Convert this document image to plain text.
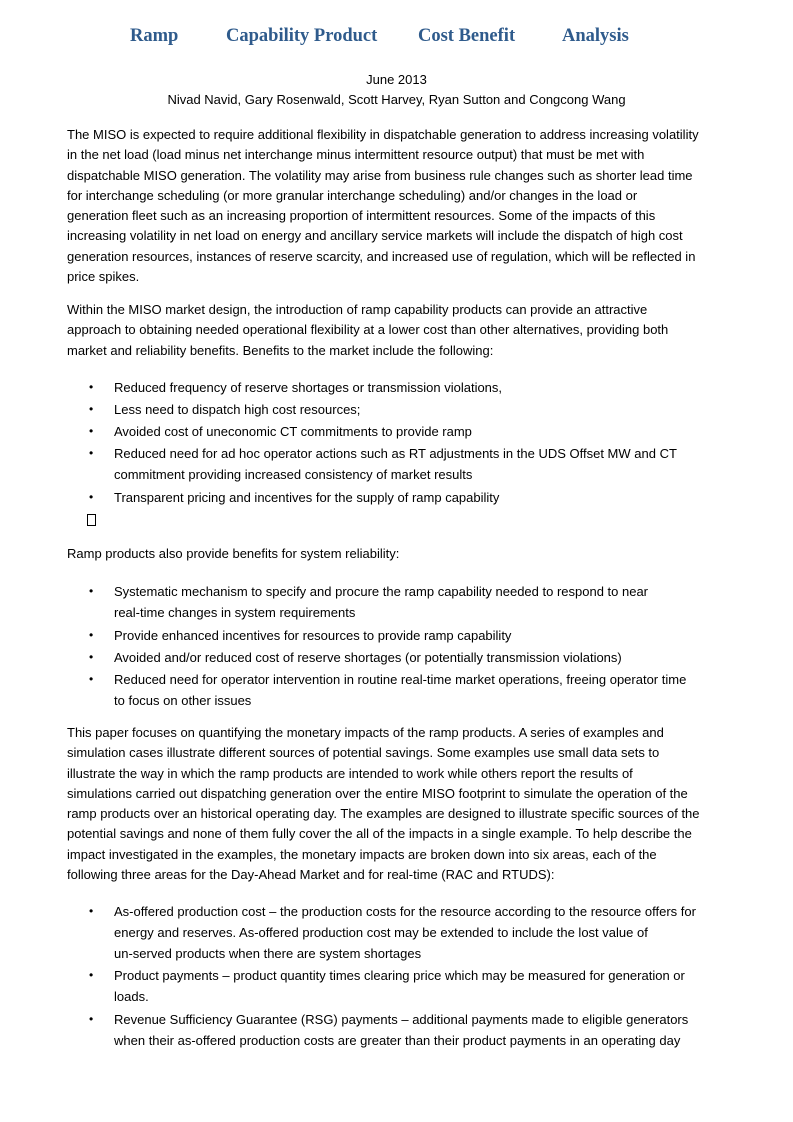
Ramp	Capability Product Cost Benefit	Analysis
June 2013
Nivad Navid, Gary Rosenwald, Scott Harvey, Ryan Sutton and Congcong Wang
The MISO is expected to require additional flexibility in dispatchable generation to address increasing volatility
in the net load (load minus net interchange minus intermittent resource output) that must be met with
dispatchable MISO generation. The volatility may arise from business rule changes such as shorter lead time
for interchange scheduling (or more granular interchange scheduling) and/or changes in the load or
generation fleet such as an increasing proportion of intermittent resources. Some of the impacts of this
increasing volatility in net load on energy and ancillary service markets will include the dispatch of high cost
generation resources, instances of reserve scarcity, and increased use of regulation, which will be reflected in
price spikes.
Within the MISO market design, the introduction of ramp capability products can provide an attractive
approach to obtaining needed operational flexibility at a lower cost than other alternatives, providing both
market and reliability benefits. Benefits to the market include the following:
• Reduced frequency of reserve shortages or transmission violations,
• Less need to dispatch high cost resources;
• Avoided cost of uneconomic CT commitments to provide ramp
• Reduced need for ad hoc operator actions such as RT adjustments in the UDS Offset MW and CT
commitment providing increased consistency of market results
• Transparent pricing and incentives for the supply of ramp capability
Ramp products also provide benefits for system reliability:
• Systematic mechanism to specify and procure the ramp capability needed to respond to near
real-time changes in system requirements
• Provide enhanced incentives for resources to provide ramp capability
• Avoided and/or reduced cost of reserve shortages (or potentially transmission violations)
• Reduced need for operator intervention in routine real-time market operations, freeing operator time
to focus on other issues
This paper focuses on quantifying the monetary impacts of the ramp products. A series of examples and
simulation cases illustrate different sources of potential savings. Some examples use small data sets to
illustrate the way in which the ramp products are intended to work while others report the results of
simulations carried out dispatching generation over the entire MISO footprint to simulate the operation of the
ramp products over an historical operating day. The examples are designed to illustrate specific sources of the
potential savings and none of them fully cover the all of the impacts in a single example. To help describe the
impact investigated in the examples, the monetary impacts are broken down into six areas, each of the
following three areas for the Day-Ahead Market and for real-time (RAC and RTUDS):
• As-offered production cost – the production costs for the resource according to the resource offers for
energy and reserves. As-offered production cost may be extended to include the lost value of
un-served products when there are system shortages
• Product payments – product quantity times clearing price which may be measured for generation or
loads.
• Revenue Sufficiency Guarantee (RSG) payments – additional payments made to eligible generators
when their as-offered production costs are greater than their product payments in an operating day
